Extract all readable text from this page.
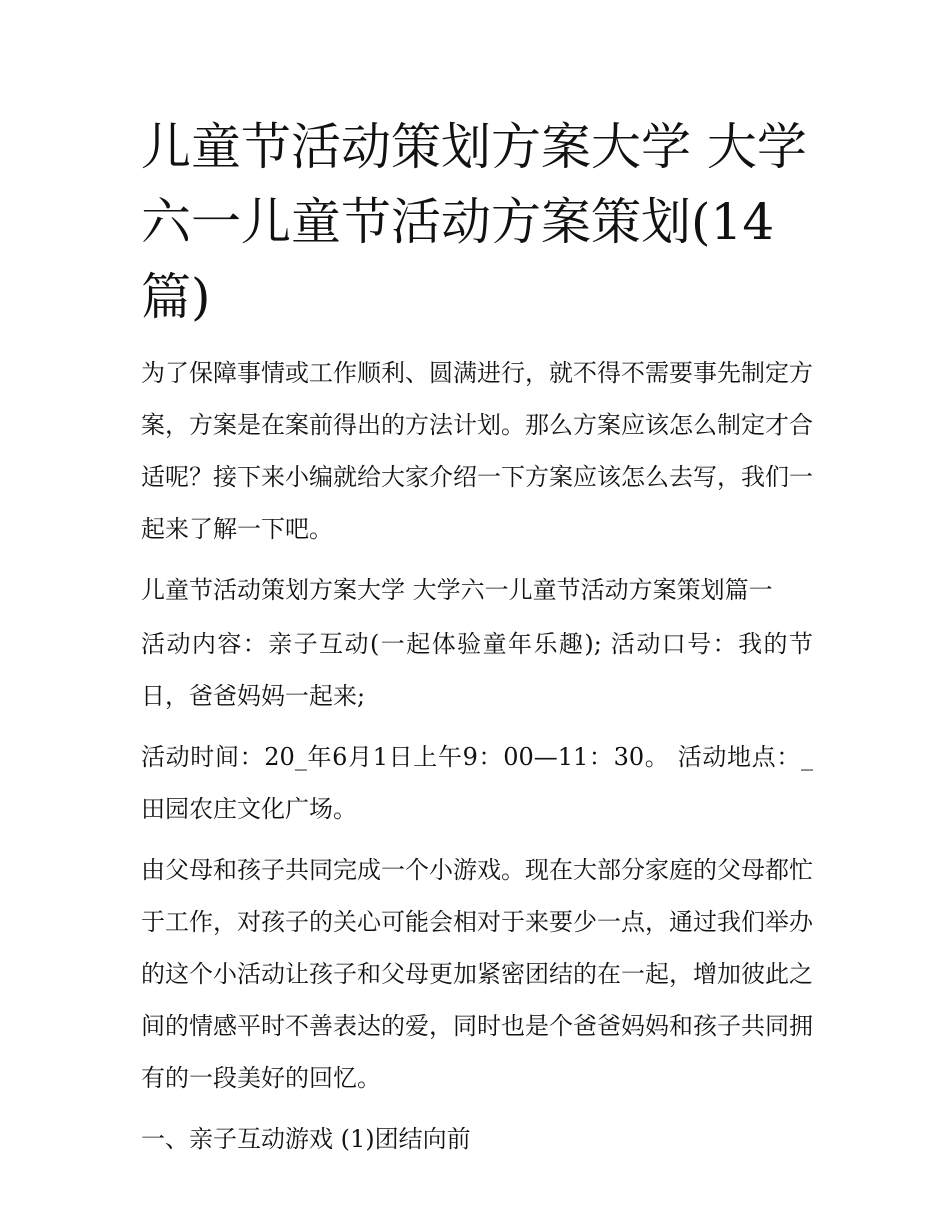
儿童节活动策划方案大学 大学六一儿童节活动方案策划(14篇)

为了保障事情或工作顺利、圆满进行，就不得不需要事先制定方案，方案是在案前得出的方法计划。那么方案应该怎么制定才合适呢？接下来小编就给大家介绍一下方案应该怎么去写，我们一起来了解一下吧。

儿童节活动策划方案大学 大学六一儿童节活动方案策划篇一

活动内容：亲子互动(一起体验童年乐趣); 活动口号：我的节日，爸爸妈妈一起来;

活动时间：20_年6月1日上午9：00—11：30。 活动地点：_田园农庄文化广场。

由父母和孩子共同完成一个小游戏。现在大部分家庭的父母都忙于工作，对孩子的关心可能会相对于来要少一点，通过我们举办的这个小活动让孩子和父母更加紧密团结的在一起，增加彼此之间的情感平时不善表达的爱，同时也是个爸爸妈妈和孩子共同拥有的一段美好的回忆。

一、亲子互动游戏 (1)团结向前
